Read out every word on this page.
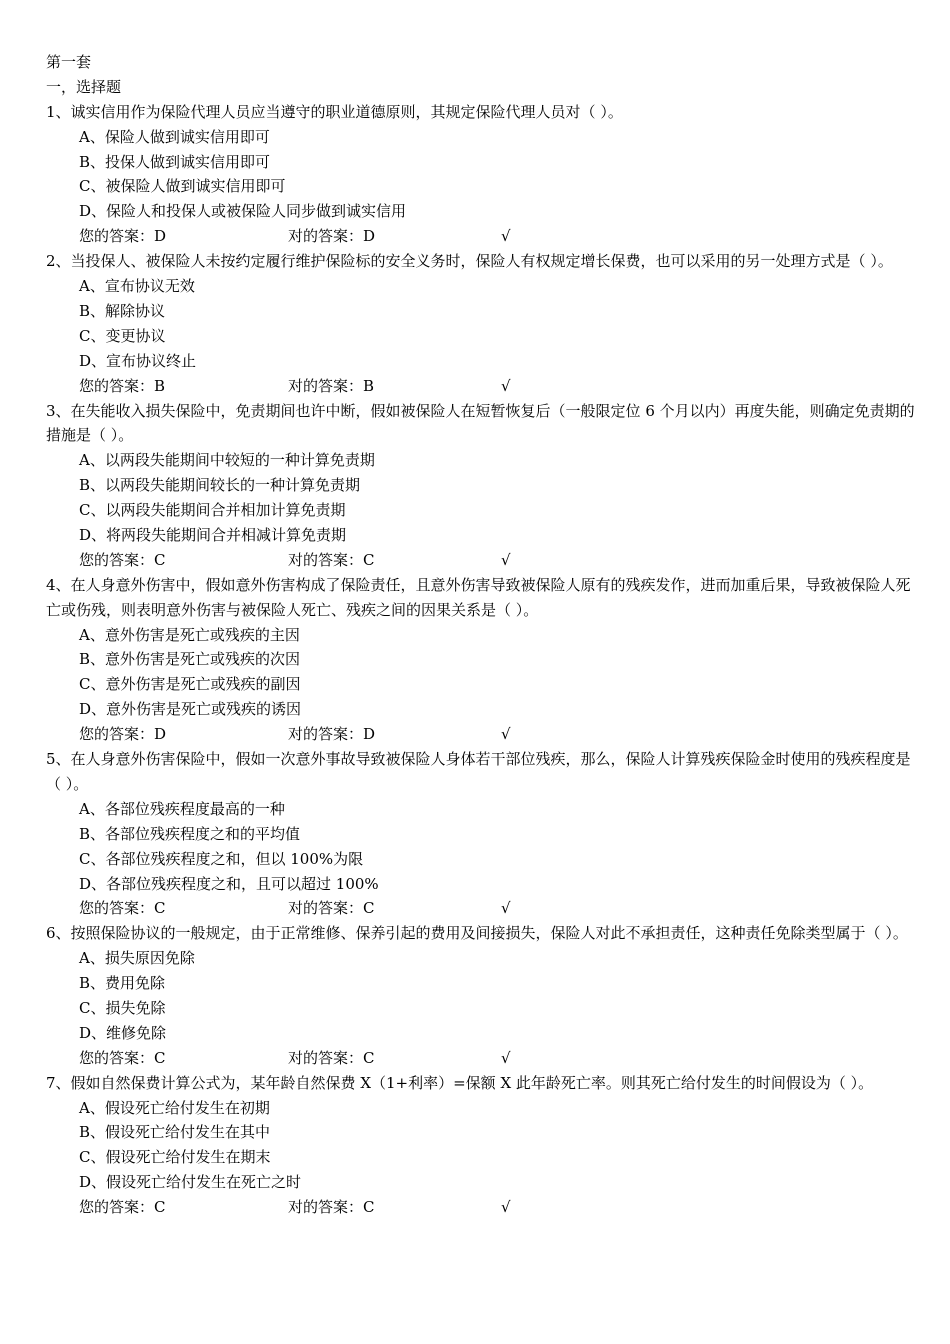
第一套
一，选择题
1、诚实信用作为保险代理人员应当遵守的职业道德原则，其规定保险代理人员对（ ）。
A、保险人做到诚实信用即可
B、投保人做到诚实信用即可
C、被保险人做到诚实信用即可
D、保险人和投保人或被保险人同步做到诚实信用
您的答案：D	对的答案：D	√
2、当投保人、被保险人未按约定履行维护保险标的安全义务时，保险人有权规定增长保费，也可以采用的另一处理方式是（ ）。
A、宣布协议无效
B、解除协议
C、变更协议
D、宣布协议终止
您的答案：B	对的答案：B	√
3、在失能收入损失保险中，免责期间也许中断，假如被保险人在短暂恢复后（一般限定位 6 个月以内）再度失能，则确定免责期的措施是（ ）。
A、以两段失能期间中较短的一种计算免责期
B、以两段失能期间较长的一种计算免责期
C、以两段失能期间合并相加计算免责期
D、将两段失能期间合并相减计算免责期
您的答案：C	对的答案：C	√
4、在人身意外伤害中，假如意外伤害构成了保险责任，且意外伤害导致被保险人原有的残疾发作，进而加重后果，导致被保险人死亡或伤残，则表明意外伤害与被保险人死亡、残疾之间的因果关系是（ ）。
A、意外伤害是死亡或残疾的主因
B、意外伤害是死亡或残疾的次因
C、意外伤害是死亡或残疾的副因
D、意外伤害是死亡或残疾的诱因
您的答案：D	对的答案：D	√
5、在人身意外伤害保险中，假如一次意外事故导致被保险人身体若干部位残疾，那么，保险人计算残疾保险金时使用的残疾程度是（ ）。
A、各部位残疾程度最高的一种
B、各部位残疾程度之和的平均值
C、各部位残疾程度之和，但以 100%为限
D、各部位残疾程度之和，且可以超过 100%
您的答案：C	对的答案：C	√
6、按照保险协议的一般规定，由于正常维修、保养引起的费用及间接损失，保险人对此不承担责任，这种责任免除类型属于（ ）。
A、损失原因免除
B、费用免除
C、损失免除
D、维修免除
您的答案：C	对的答案：C	√
7、假如自然保费计算公式为，某年龄自然保费 X（1+利率）=保额 X 此年龄死亡率。则其死亡给付发生的时间假设为（ ）。
A、假设死亡给付发生在初期
B、假设死亡给付发生在其中
C、假设死亡给付发生在期末
D、假设死亡给付发生在死亡之时
您的答案：C	对的答案：C	√
